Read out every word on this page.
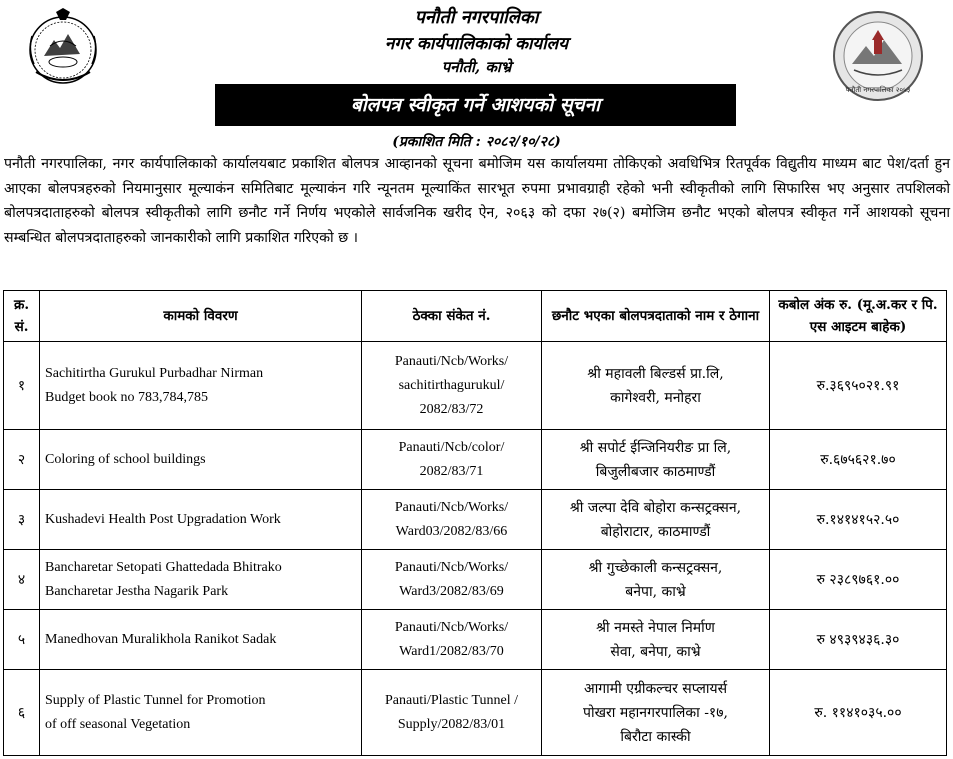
पनौती नगरपालिका २०५३
पनौती नगरपालिका
नगर कार्यपालिकाको कार्यालय
पनौती, काभ्रे
बोलपत्र स्वीकृत गर्ने आशयको सूचना
(प्रकाशित मिति : २०८२/१०/२८)

पनौती नगरपालिका, नगर कार्यपालिकाको कार्यालयबाट प्रकाशित बोलपत्र आव्हानको सूचना बमोजिम यस कार्यालयमा तोकिएको अवधिभित्र रितपूर्वक विद्युतीय माध्यम बाट पेश/दर्ता हुन आएका बोलपत्रहरुको नियमानुसार मूल्याकंन समितिबाट मूल्याकंन गरि न्यूनतम मूल्याकिंत सारभूत रुपमा प्रभावग्राही रहेको भनी स्वीकृतीको लागि सिफारिस भए अनुसार तपशिलको बोलपत्रदाताहरुको बोलपत्र स्वीकृतीको लागि छनौट गर्ने निर्णय भएकोले सार्वजनिक खरीद ऐन, २०६३ को दफा २७(२) बमोजिम छनौट भएको बोलपत्र स्वीकृत गर्ने आशयको सूचना सम्बन्धित बोलपत्रदाताहरुको जानकारीको लागि प्रकाशित गरिएको छ ।

क्र. सं.	कामको विवरण	ठेक्का संकेत नं.	छनौट भएका बोलपत्रदाताको नाम र ठेगाना	कबोल अंक रु. (मू.अ.कर र पि. एस आइटम बाहेक)
१	Sachitirtha Gurukul Purbadhar Nirman
Budget book no 783,784,785	Panauti/Ncb/Works/
sachitirthagurukul/
2082/83/72	श्री महावली बिल्डर्स प्रा.लि,
कागेश्वरी, मनोहरा	रु.३६९५०२१.९१
२	Coloring of school buildings	Panauti/Ncb/color/
2082/83/71	श्री सपोर्ट ईन्जिनियरीङ प्रा लि,
बिजुलीबजार काठमाण्डौं	रु.६७५६२१.७०
३	Kushadevi Health Post Upgradation Work	Panauti/Ncb/Works/
Ward03/2082/83/66	श्री जल्पा देवि बोहोरा कन्सट्रक्सन,
बोहोराटार, काठमाण्डौं	रु.१४१४१५२.५०
४	Bancharetar Setopati Ghattedada Bhitrako
Bancharetar Jestha Nagarik Park	Panauti/Ncb/Works/
Ward3/2082/83/69	श्री गुच्छेकाली कन्सट्रक्सन,
बनेपा, काभ्रे	रु २३८९७६१.००
५	Manedhovan Muralikhola Ranikot Sadak	Panauti/Ncb/Works/
Ward1/2082/83/70	श्री नमस्ते नेपाल निर्माण
सेवा, बनेपा, काभ्रे	रु ४९३९४३६.३०
६	Supply of Plastic Tunnel for Promotion
of off seasonal Vegetation	Panauti/Plastic Tunnel /
Supply/2082/83/01	आगामी एग्रीकल्चर सप्लायर्स
पोखरा महानगरपालिका -१७,
बिरौटा कास्की	रु. ११४१०३५.००
